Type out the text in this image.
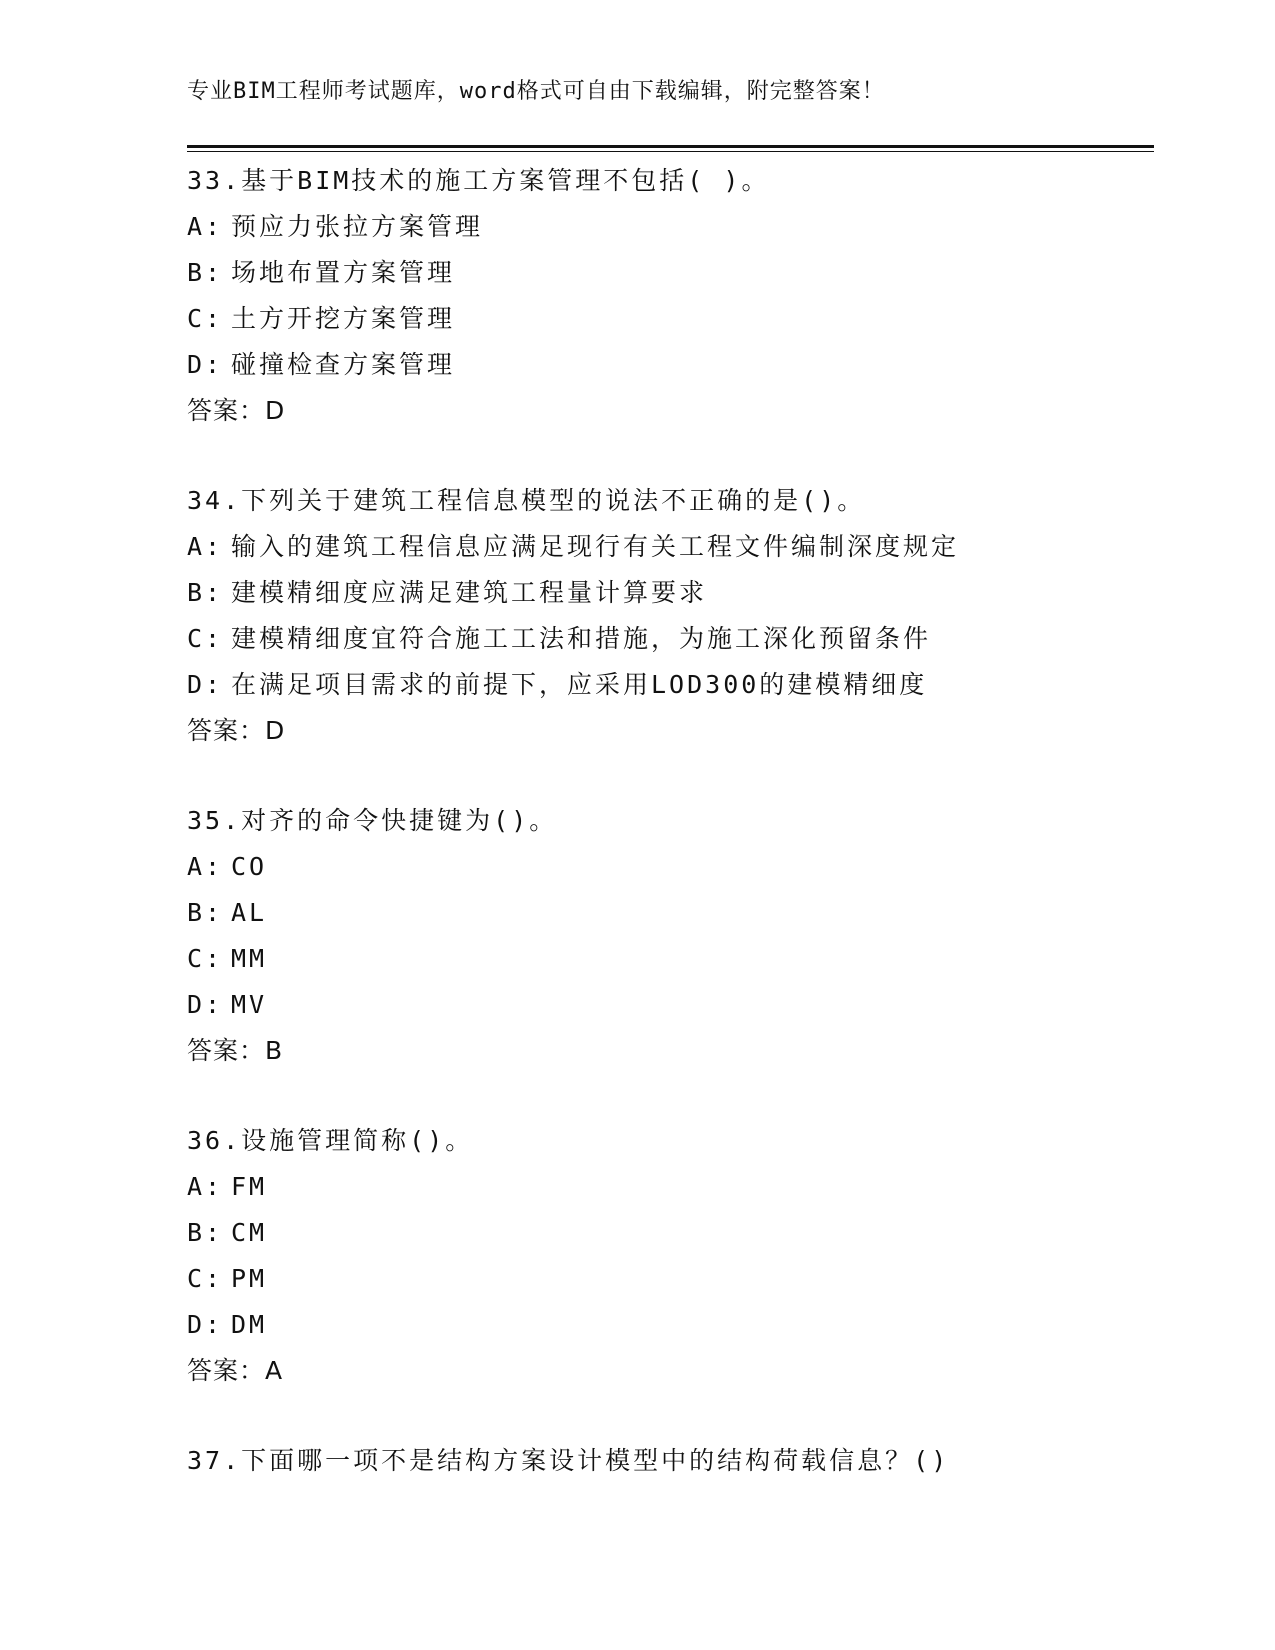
专业BIM工程师考试题库，word格式可自由下载编辑，附完整答案！
33.基于BIM技术的施工方案管理不包括( )。
A: 预应力张拉方案管理
B: 场地布置方案管理
C: 土方开挖方案管理
D: 碰撞检查方案管理
答案：D
34.下列关于建筑工程信息模型的说法不正确的是()。
A: 输入的建筑工程信息应满足现行有关工程文件编制深度规定
B: 建模精细度应满足建筑工程量计算要求
C: 建模精细度宜符合施工工法和措施，为施工深化预留条件
D: 在满足项目需求的前提下，应采用LOD300的建模精细度
答案：D
35.对齐的命令快捷键为()。
A: CO
B: AL
C: MM
D: MV
答案：B
36.设施管理简称()。
A: FM
B: CM
C: PM
D: DM
答案：A
37.下面哪一项不是结构方案设计模型中的结构荷载信息？()
